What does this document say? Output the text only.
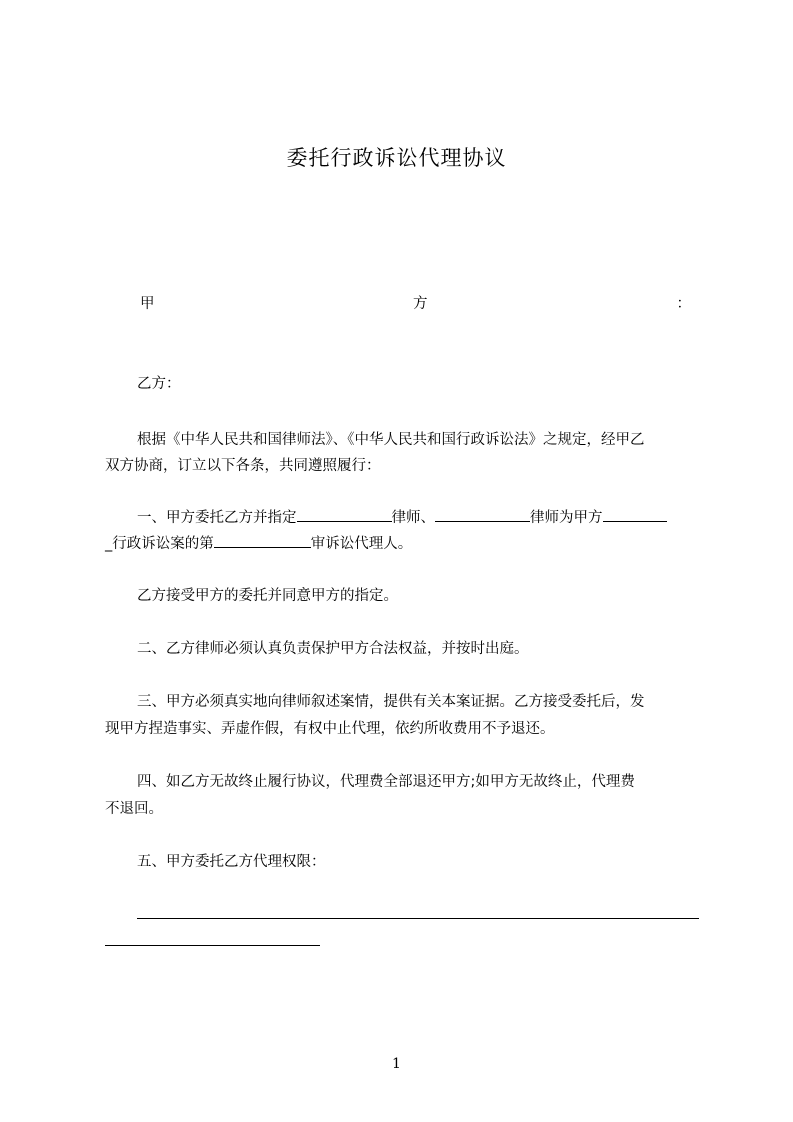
委托行政诉讼代理协议
甲	方	：
乙方：
根据《中华人民共和国律师法》、《中华人民共和国行政诉讼法》之规定，经甲乙
双方协商，订立以下各条，共同遵照履行：
一、甲方委托乙方并指定	律师、	律师为甲方
_行政诉讼案的第	审诉讼代理人。
乙方接受甲方的委托并同意甲方的指定。
二、乙方律师必须认真负责保护甲方合法权益，并按时出庭。
三、甲方必须真实地向律师叙述案情，提供有关本案证据。乙方接受委托后，发
现甲方捏造事实、弄虚作假，有权中止代理，依约所收费用不予退还。
四、如乙方无故终止履行协议，代理费全部退还甲方;如甲方无故终止，代理费
不退回。
五、甲方委托乙方代理权限：
1
